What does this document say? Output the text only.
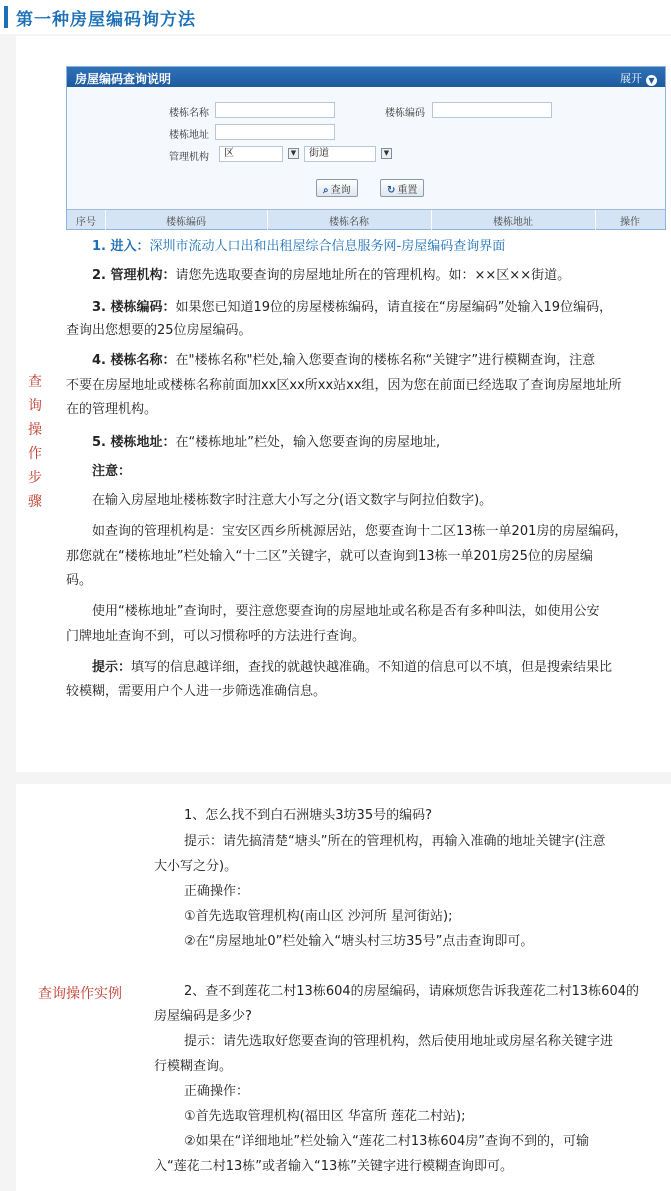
第一种房屋编码询方法
查询
操作
步骤
查询操作实例
房屋编码查询说明	展开 ▼
楼栋名称	楼栋编码
楼栋地址
管理机构	区	▼	街道	▼
⌕ 查询	↻ 重置
序号	楼栋编码	楼栋名称	楼栋地址	操作
1. 进入：深圳市流动人口出和出租屋综合信息服务网-房屋编码查询界面
2. 管理机构：请您先选取要查询的房屋地址所在的管理机构。如：××区××街道。
3. 楼栋编码：如果您已知道19位的房屋楼栋编码，请直接在“房屋编码”处输入19位编码，
查询出您想要的25位房屋编码。
4. 楼栋名称：在"楼栋名称"栏处,输入您要查询的楼栋名称“关键字”进行模糊查询，注意
不要在房屋地址或楼栋名称前面加xx区xx所xx站xx组，因为您在前面已经选取了查询房屋地址所
在的管理机构。
5. 楼栋地址：在“楼栋地址”栏处，输入您要查询的房屋地址,
注意：
在输入房屋地址楼栋数字时注意大小写之分(语文数字与阿拉伯数字)。
如查询的管理机构是：宝安区西乡所桃源居站，您要查询十二区13栋一单201房的房屋编码，
那您就在“楼栋地址”栏处输入“十二区”关键字，就可以查询到13栋一单201房25位的房屋编
码。
使用“楼栋地址”查询时，要注意您要查询的房屋地址或名称是否有多种叫法，如使用公安
门牌地址查询不到，可以习惯称呼的方法进行查询。
提示：填写的信息越详细，查找的就越快越准确。不知道的信息可以不填，但是搜索结果比
较模糊，需要用户个人进一步筛选准确信息。
1、怎么找不到白石洲塘头3坊35号的编码?
提示：请先搞清楚“塘头”所在的管理机构，再输入准确的地址关键字(注意
大小写之分)。
正确操作：
①首先选取管理机构(南山区 沙河所 星河街站);
②在“房屋地址0”栏处输入“塘头村三坊35号”点击查询即可。
2、查不到莲花二村13栋604的房屋编码，请麻烦您告诉我莲花二村13栋604的
房屋编码是多少?
提示：请先选取好您要查询的管理机构，然后使用地址或房屋名称关键字进
行模糊查询。
正确操作：
①首先选取管理机构(福田区 华富所 莲花二村站);
②如果在“详细地址”栏处输入“莲花二村13栋604房”查询不到的，可输
入“莲花二村13栋”或者输入“13栋”关键字进行模糊查询即可。
